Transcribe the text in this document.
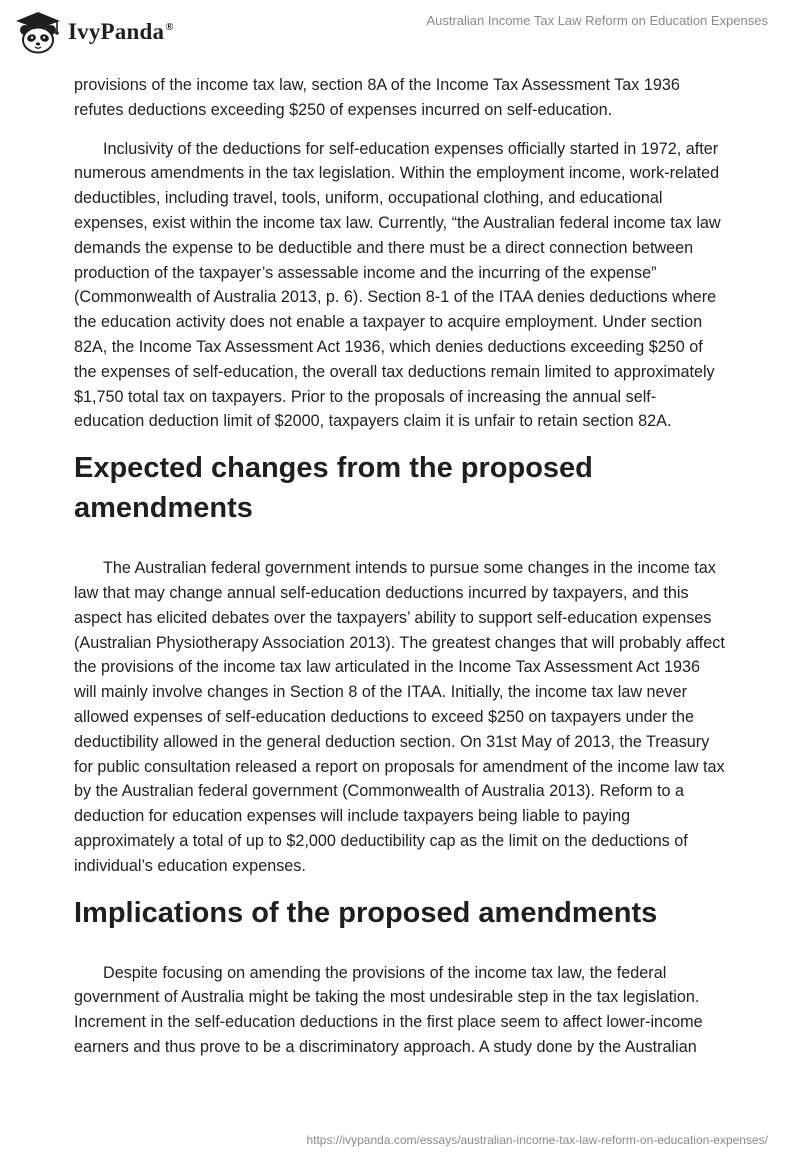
IvyPanda®	Australian Income Tax Law Reform on Education Expenses

provisions of the income tax law, section 8A of the Income Tax Assessment Tax 1936 refutes deductions exceeding $250 of expenses incurred on self-education.

Inclusivity of the deductions for self-education expenses officially started in 1972, after numerous amendments in the tax legislation. Within the employment income, work-related deductibles, including travel, tools, uniform, occupational clothing, and educational expenses, exist within the income tax law. Currently, “the Australian federal income tax law demands the expense to be deductible and there must be a direct connection between production of the taxpayer’s assessable income and the incurring of the expense” (Commonwealth of Australia 2013, p. 6). Section 8-1 of the ITAA denies deductions where the education activity does not enable a taxpayer to acquire employment. Under section 82A, the Income Tax Assessment Act 1936, which denies deductions exceeding $250 of the expenses of self-education, the overall tax deductions remain limited to approximately $1,750 total tax on taxpayers. Prior to the proposals of increasing the annual self-education deduction limit of $2000, taxpayers claim it is unfair to retain section 82A.

Expected changes from the proposed amendments

The Australian federal government intends to pursue some changes in the income tax law that may change annual self-education deductions incurred by taxpayers, and this aspect has elicited debates over the taxpayers’ ability to support self-education expenses (Australian Physiotherapy Association 2013). The greatest changes that will probably affect the provisions of the income tax law articulated in the Income Tax Assessment Act 1936 will mainly involve changes in Section 8 of the ITAA. Initially, the income tax law never allowed expenses of self-education deductions to exceed $250 on taxpayers under the deductibility allowed in the general deduction section. On 31st May of 2013, the Treasury for public consultation released a report on proposals for amendment of the income law tax by the Australian federal government (Commonwealth of Australia 2013). Reform to a deduction for education expenses will include taxpayers being liable to paying approximately a total of up to $2,000 deductibility cap as the limit on the deductions of individual’s education expenses.

Implications of the proposed amendments

Despite focusing on amending the provisions of the income tax law, the federal government of Australia might be taking the most undesirable step in the tax legislation. Increment in the self-education deductions in the first place seem to affect lower-income earners and thus prove to be a discriminatory approach. A study done by the Australian

https://ivypanda.com/essays/australian-income-tax-law-reform-on-education-expenses/
